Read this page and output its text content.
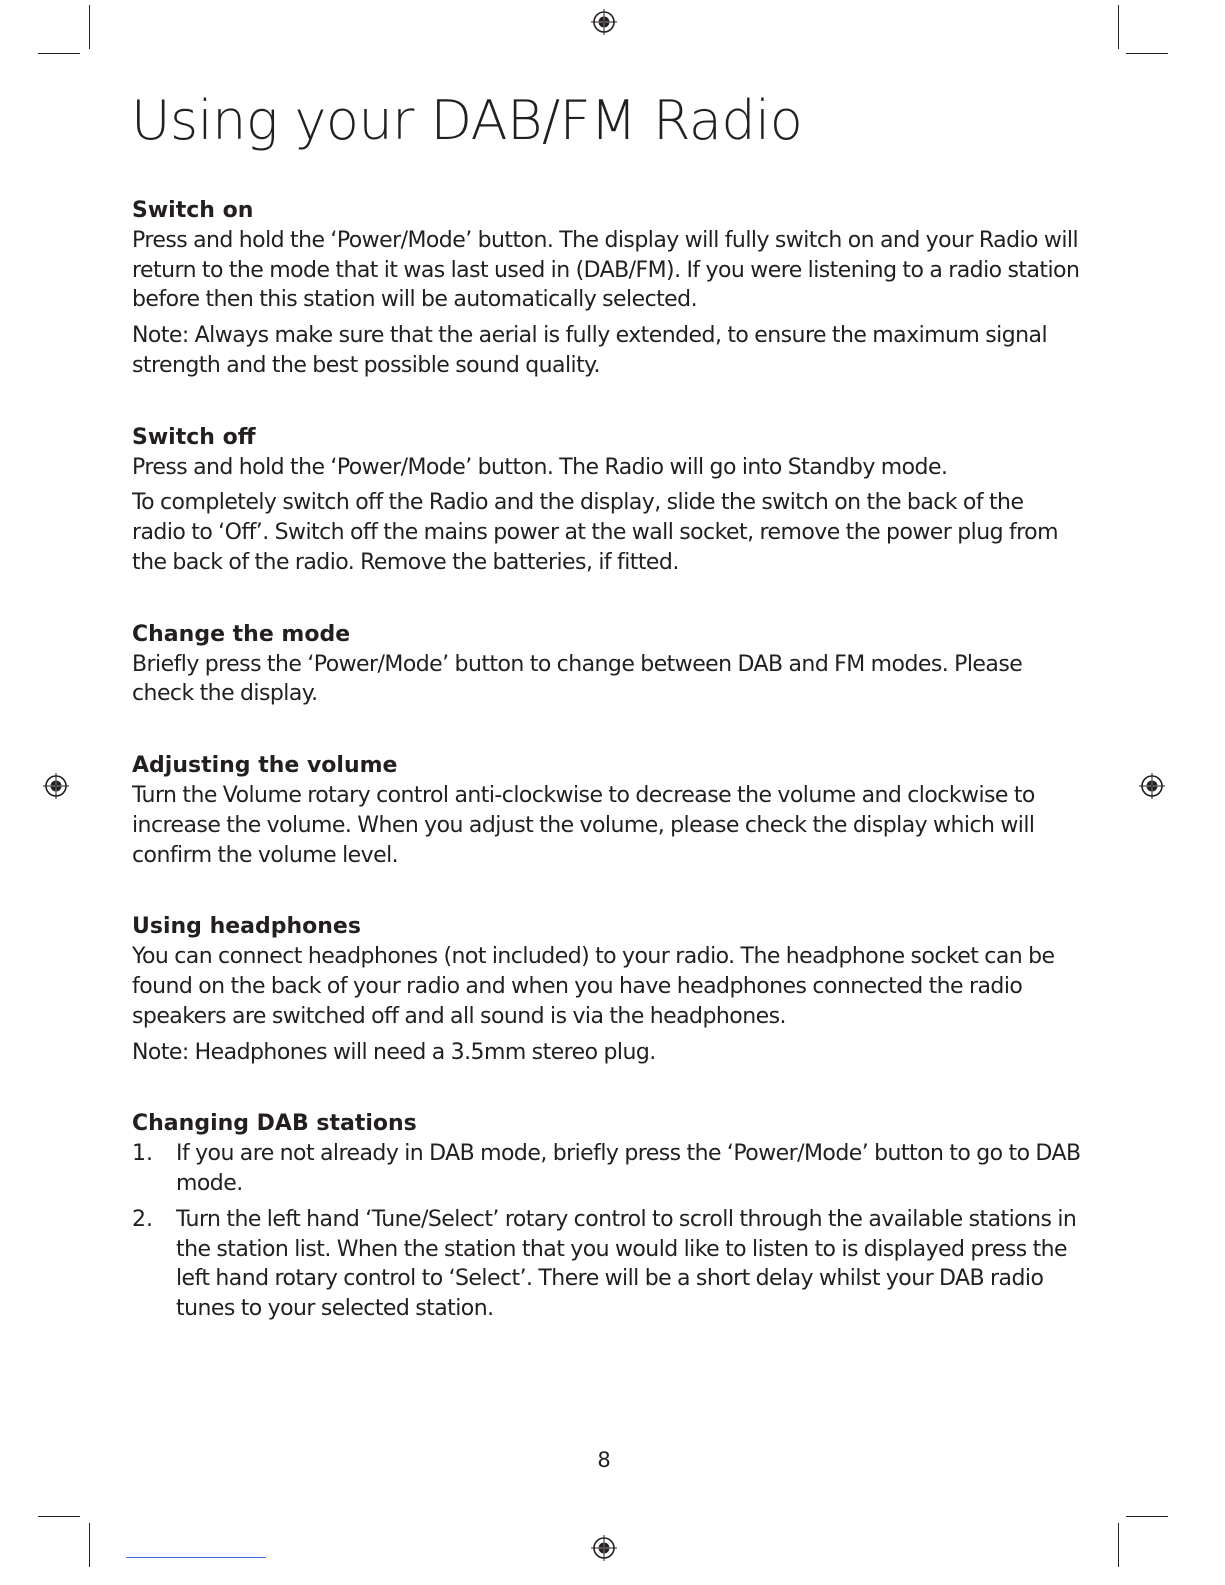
Using your DAB/FM Radio

Switch on

Press and hold the ‘Power/Mode’ button. The display will fully switch on and your Radio will return to the mode that it was last used in (DAB/FM). If you were listening to a radio station before then this station will be automatically selected.

Note: Always make sure that the aerial is fully extended, to ensure the maximum signal strength and the best possible sound quality.

Switch off

Press and hold the ‘Power/Mode’ button. The Radio will go into Standby mode.

To completely switch off the Radio and the display, slide the switch on the back of the radio to ‘Off’. Switch off the mains power at the wall socket, remove the power plug from the back of the radio. Remove the batteries, if fitted.

Change the mode

Briefly press the ‘Power/Mode’ button to change between DAB and FM modes. Please check the display.

Adjusting the volume

Turn the Volume rotary control anti-clockwise to decrease the volume and clockwise to increase the volume. When you adjust the volume, please check the display which will confirm the volume level.

Using headphones

You can connect headphones (not included) to your radio. The headphone socket can be found on the back of your radio and when you have headphones connected the radio speakers are switched off and all sound is via the headphones.

Note: Headphones will need a 3.5mm stereo plug.

Changing DAB stations

1.	If you are not already in DAB mode, briefly press the ‘Power/Mode’ button to go to DAB mode.
2.	Turn the left hand ‘Tune/Select’ rotary control to scroll through the available stations in the station list. When the station that you would like to listen to is displayed press the left hand rotary control to ‘Select’. There will be a short delay whilst your DAB radio tunes to your selected station.
8
